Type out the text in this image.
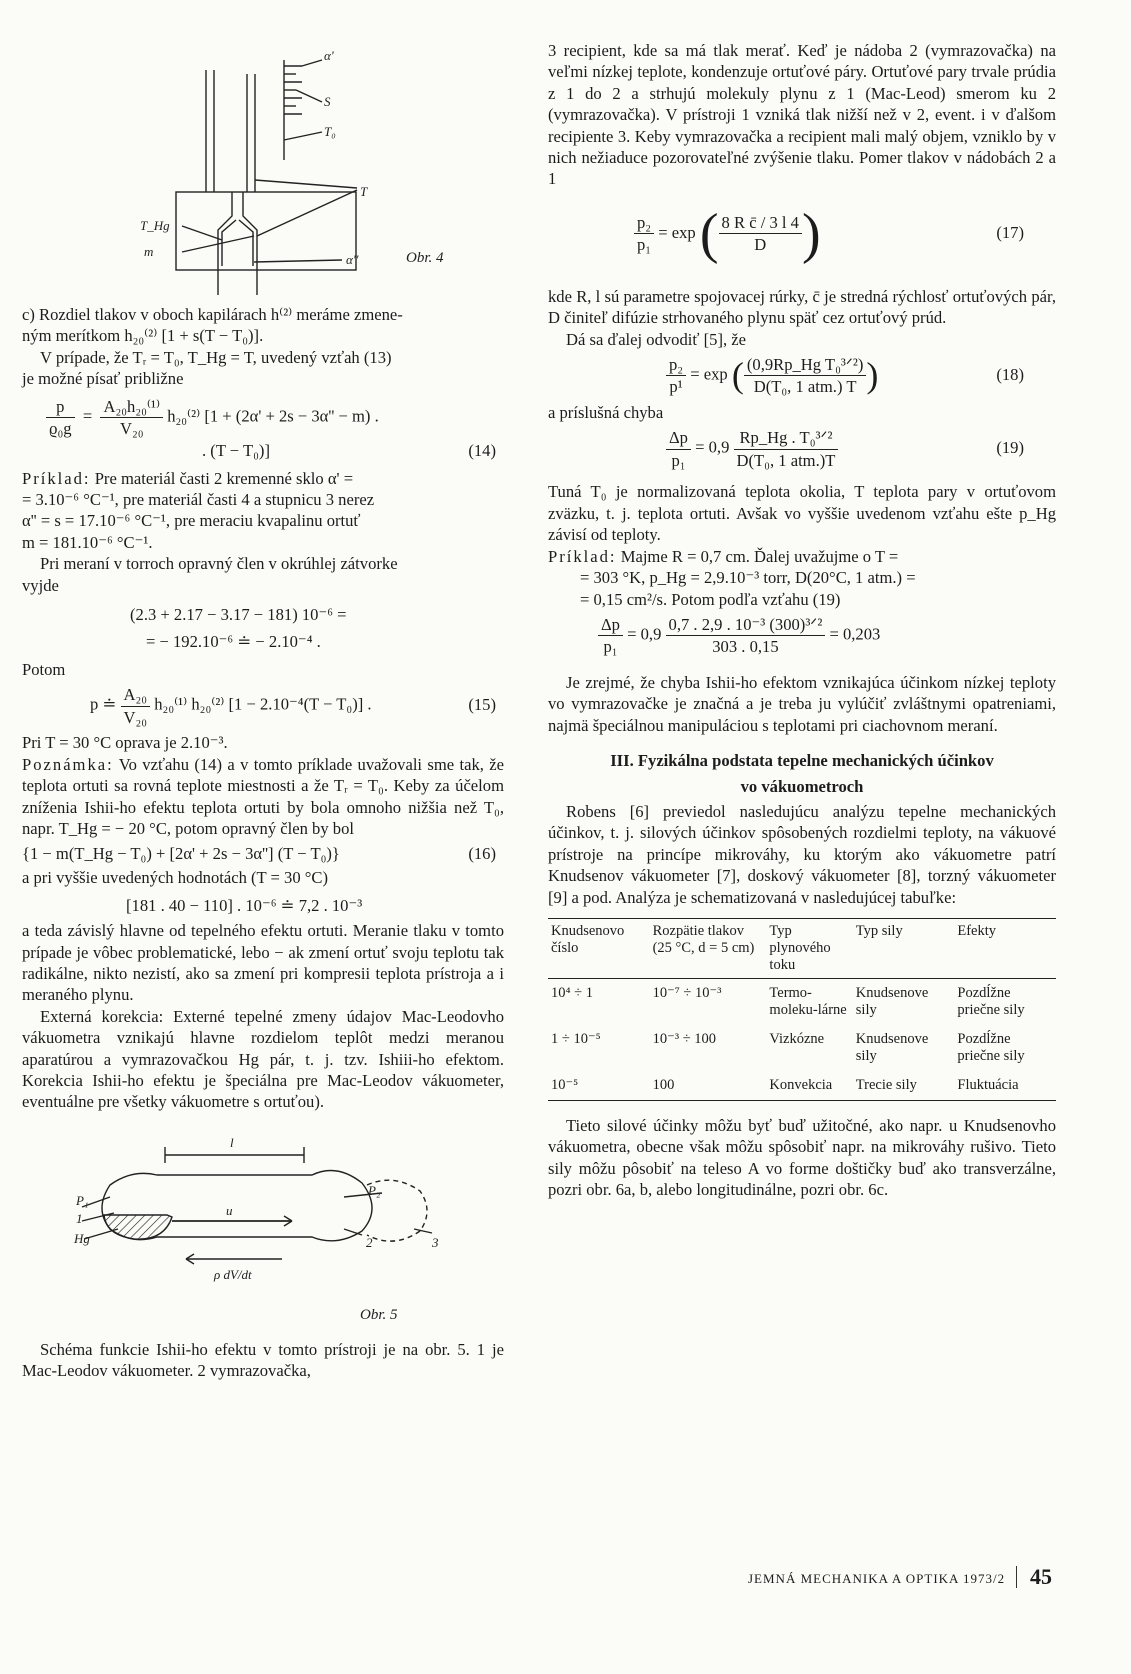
α'
S
T₀
T
T_Hg
m
α''	Obr. 4

c) Rozdiel tlakov v oboch kapilárach h⁽²⁾ meráme zmene-

ným merítkom h₂₀⁽²⁾ [1 + s(T − T₀)].

V prípade, že Tᵣ = T₀, T_Hg = T, uvedený vzťah (13)

je možné písať približne

$\frac{p}{\text{ϱ₀g}} = \frac{\text{A₂₀h₂₀⁽¹⁾}}{\text{V₂₀}} h_{20}^{(2)}$ [1 + (2α' + 2s − 3α'' − m) .
. (T − T₀)]	(14)

Príklad: Pre materiál časti 2 kremenné sklo α' =

= 3.10⁻⁶ °C⁻¹, pre materiál časti 4 a stupnicu 3 nerez

α'' = s = 17.10⁻⁶ °C⁻¹, pre meraciu kvapalinu ortuť

m = 181.10⁻⁶ °C⁻¹.

Pri meraní v torroch opravný člen v okrúhlej zátvorke

vyjde

(2.3 + 2.17 − 3.17 − 181) 10⁻⁶ =

= − 192.10⁻⁶ ≐ − 2.10⁻⁴ .

Potom

p ≐ $\frac{\text{A₂₀}}{\text{V₂₀}} h_{20}^{(1)}$ h₂₀⁽²⁾ [1 − 2.10⁻⁴(T − T₀)] .	(15)

Pri T = 30 °C oprava je 2.10⁻³.

Poznámka: Vo vzťahu (14) a v tomto príklade uvažovali sme tak, že teplota ortuti sa rovná teplote miestnosti a že Tᵣ = T₀. Keby za účelom zníženia Ishii-ho efektu teplota ortuti by bola omnoho nižšia než T₀, napr. T_Hg = − 20 °C, potom opravný člen by bol

{1 − m(T_Hg − T₀) + [2α' + 2s − 3α''] (T − T₀)}	(16)

a pri vyššie uvedených hodnotách (T = 30 °C)

[181 . 40 − 110] . 10⁻⁶ ≐ 7,2 . 10⁻³

a teda závislý hlavne od tepelného efektu ortuti. Meranie tlaku v tomto prípade je vôbec problematické, lebo − ak zmení ortuť svoju teplotu tak radikálne, nikto nezistí, ako sa zmení pri kompresii teplota prístroja a i meraného plynu.

Externá korekcia: Externé tepelné zmeny údajov Mac-Leodovho vákuometra vznikajú hlavne rozdielom teplôt medzi meranou aparatúrou a vymrazovačkou Hg pár, t. j. tzv. Ishiii-ho efektom. Korekcia Ishii-ho efektu je špeciálna pre Mac-Leodov vákuometer, eventuálne pre všetky vákuometre s ortuťou).

l
P₁
1
Hg
u
P₂
2	3
ρ dV/dt
Obr. 5

Schéma funkcie Ishii-ho efektu v tomto prístroji je na obr. 5. 1 je Mac-Leodov vákuometer. 2 vymrazovačka,

3 recipient, kde sa má tlak merať. Keď je nádoba 2 (vymrazovačka) na veľmi nízkej teplote, kondenzuje ortuťové páry. Ortuťové pary trvale prúdia z 1 do 2 a strhujú molekuly plynu z 1 (Mac-Leod) smerom ku 2 (vymrazovačka). V prístroji 1 vzniká tlak nižší než v 2, event. i v ďalšom recipiente 3. Keby vymrazovačka a recipient mali malý objem, vzniklo by v nich nežiaduce pozorovateľné zvýšenie tlaku. Pomer tlakov v nádobách 2 a 1

$\frac{\text{p₂}}{\text{p₁}} = \exp$ ( $\frac{\text{8 R c̄ / 3 l 4}}{D}$ )	(17)

kde R, l sú parametre spojovacej rúrky, c̄ je stredná rýchlosť ortuťových pár, D činiteľ difúzie strhovaného plynu späť cez ortuťový prúd.

Dá sa ďalej odvodiť [5], že

$\frac{\text{p₂}}{\text{p¹}} = \exp$ ( $\frac{\text{(0,9Rp\_Hg T₀³ᐟ²)}}{\text{D(T₀, 1 atm.) T}}$ )	(18)

a príslušná chyba

$\frac{\Delta p}{\text{p₁}} = 0,9 \frac{\text{Rp\_Hg . T₀³ᐟ²}}{\text{D(T₀, 1 atm.)T}}$	(19)

Tuná T₀ je normalizovaná teplota okolia, T teplota pary v ortuťovom zväzku, t. j. teplota ortuti. Avšak vo vyššie uvedenom vzťahu ešte p_Hg závisí od teploty.

Príklad: Majme R = 0,7 cm. Ďalej uvažujme o T =

= 303 °K, p_Hg = 2,9.10⁻³ torr, D(20°C, 1 atm.) =

= 0,15 cm²/s. Potom podľa vzťahu (19)

$\frac{\Delta p}{\text{p₁}} = 0,9 \frac{\text{0,7 . 2,9 . 10⁻³ (300)³ᐟ²}}{303 . 0,15} = 0,203$

Je zrejmé, že chyba Ishii-ho efektom vznikajúca účinkom nízkej teploty vo vymrazovačke je značná a je treba ju vylúčiť zvláštnymi opatreniami, najmä špeciálnou manipuláciou s teplotami pri ciachovnom meraní.

III. Fyzikálna podstata tepelne mechanických účinkov

vo vákuometroch

Robens [6] previedol nasledujúcu analýzu tepelne mechanických účinkov, t. j. silových účinkov spôsobených rozdielmi teploty, na vákuové prístroje na princípe mikrováhy, ku ktorým ako vákuometre patrí Knudsenov vákuometer [7], doskový vákuometer [8], torzný vákuometer [9] a pod. Analýza je schematizovaná v nasledujúcej tabuľke:

Knudsenovo číslo	Rozpätie tlakov (25 °C, d = 5 cm)	Typ plynového toku	Typ sily	Efekty
10⁴ ÷ 1	10⁻⁷ ÷ 10⁻³	Termo-moleku-lárne	Knudsenove sily	Pozdĺžne priečne sily
1 ÷ 10⁻⁵	10⁻³ ÷ 100	Vizkózne	Knudsenove sily	Pozdĺžne priečne sily
10⁻⁵	100	Konvekcia	Trecie sily	Fluktuácia

Tieto silové účinky môžu byť buď užitočné, ako napr. u Knudsenovho vákuometra, obecne však môžu spôsobiť napr. na mikrováhy rušivo. Tieto sily môžu pôsobiť na teleso A vo forme doštičky buď ako transverzálne, pozri obr. 6a, b, alebo longitudinálne, pozri obr. 6c.

JEMNÁ MECHANIKA A OPTIKA 1973/2 45
